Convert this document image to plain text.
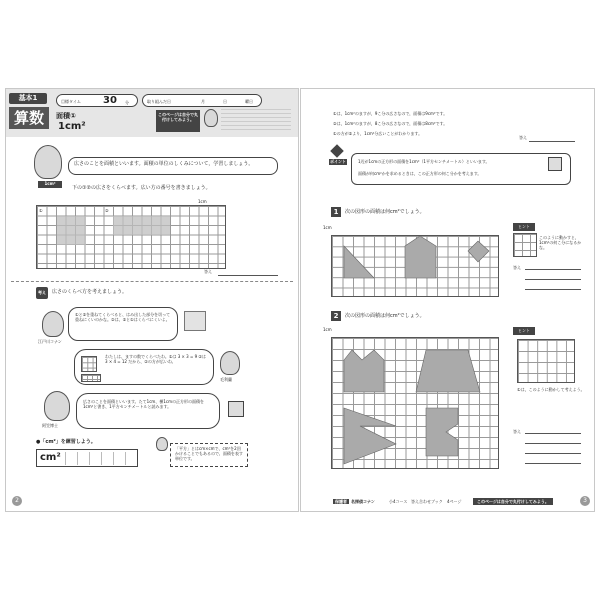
基本1
算数
目標タイム 30 分	取り組んだ日	月	日	曜日
面積①
1cm²
このページは自分で丸付けしてみよう。
1cm²
広さのことを面積といいます。面積の単位のしくみについて，学習しましょう。
下の①②の広さをくらべます。広い方の番号を書きましょう。
1cm
①	②
答え
考え	広さのくらべ方を考えましょう。
江戸川コナン
①と②を重ねてくらべると、はみ出した部分を切って重ねにくいのかな。②は、②と①はくらべにくいよ。
わたしは、ますの数でくらべたわ。①は 3 × 3 = 9 ②は 3 × 4 = 12 だから、②の方が広いわ。
毛利蘭
阿笠博士
広さのことを面積といいます。たて1cm、横1cmの正方形の面積を1cm²と書き、1平方センチメートルと読みます。
●「cm²」を練習しよう。
cm²
「平方」とはcm×cmで、cm²を2回かけることでもあるので、面積を表す単位です。
2
①は，1cm²のますが，9こ分の広さなので，面積は9cm²です。
②は，1cm²のますが，8こ分の広さなので，面積は8cm²です。
①の方が②より，1cm²分広いことがわかります。
答え
ポイント	1辺が1cmの正方形の面積を1cm²（1平方センチメートル）といいます。
面積が何cm²かを求めるときは，この正方形の何こ分かを考えます。
1	次の図形の面積は何cm²でしょう。
1cm	ヒント
このように動かすと，1cm²の何こ分になるかな。
答え
2	次の図形の面積は何cm²でしょう。
1cm	ヒント
①は，このように動かして考えよう。
答え
保護者	名探偵コナン	小4コース 答え合わせブック 4ページ	このページは自分で丸付けしてみよう。	3
